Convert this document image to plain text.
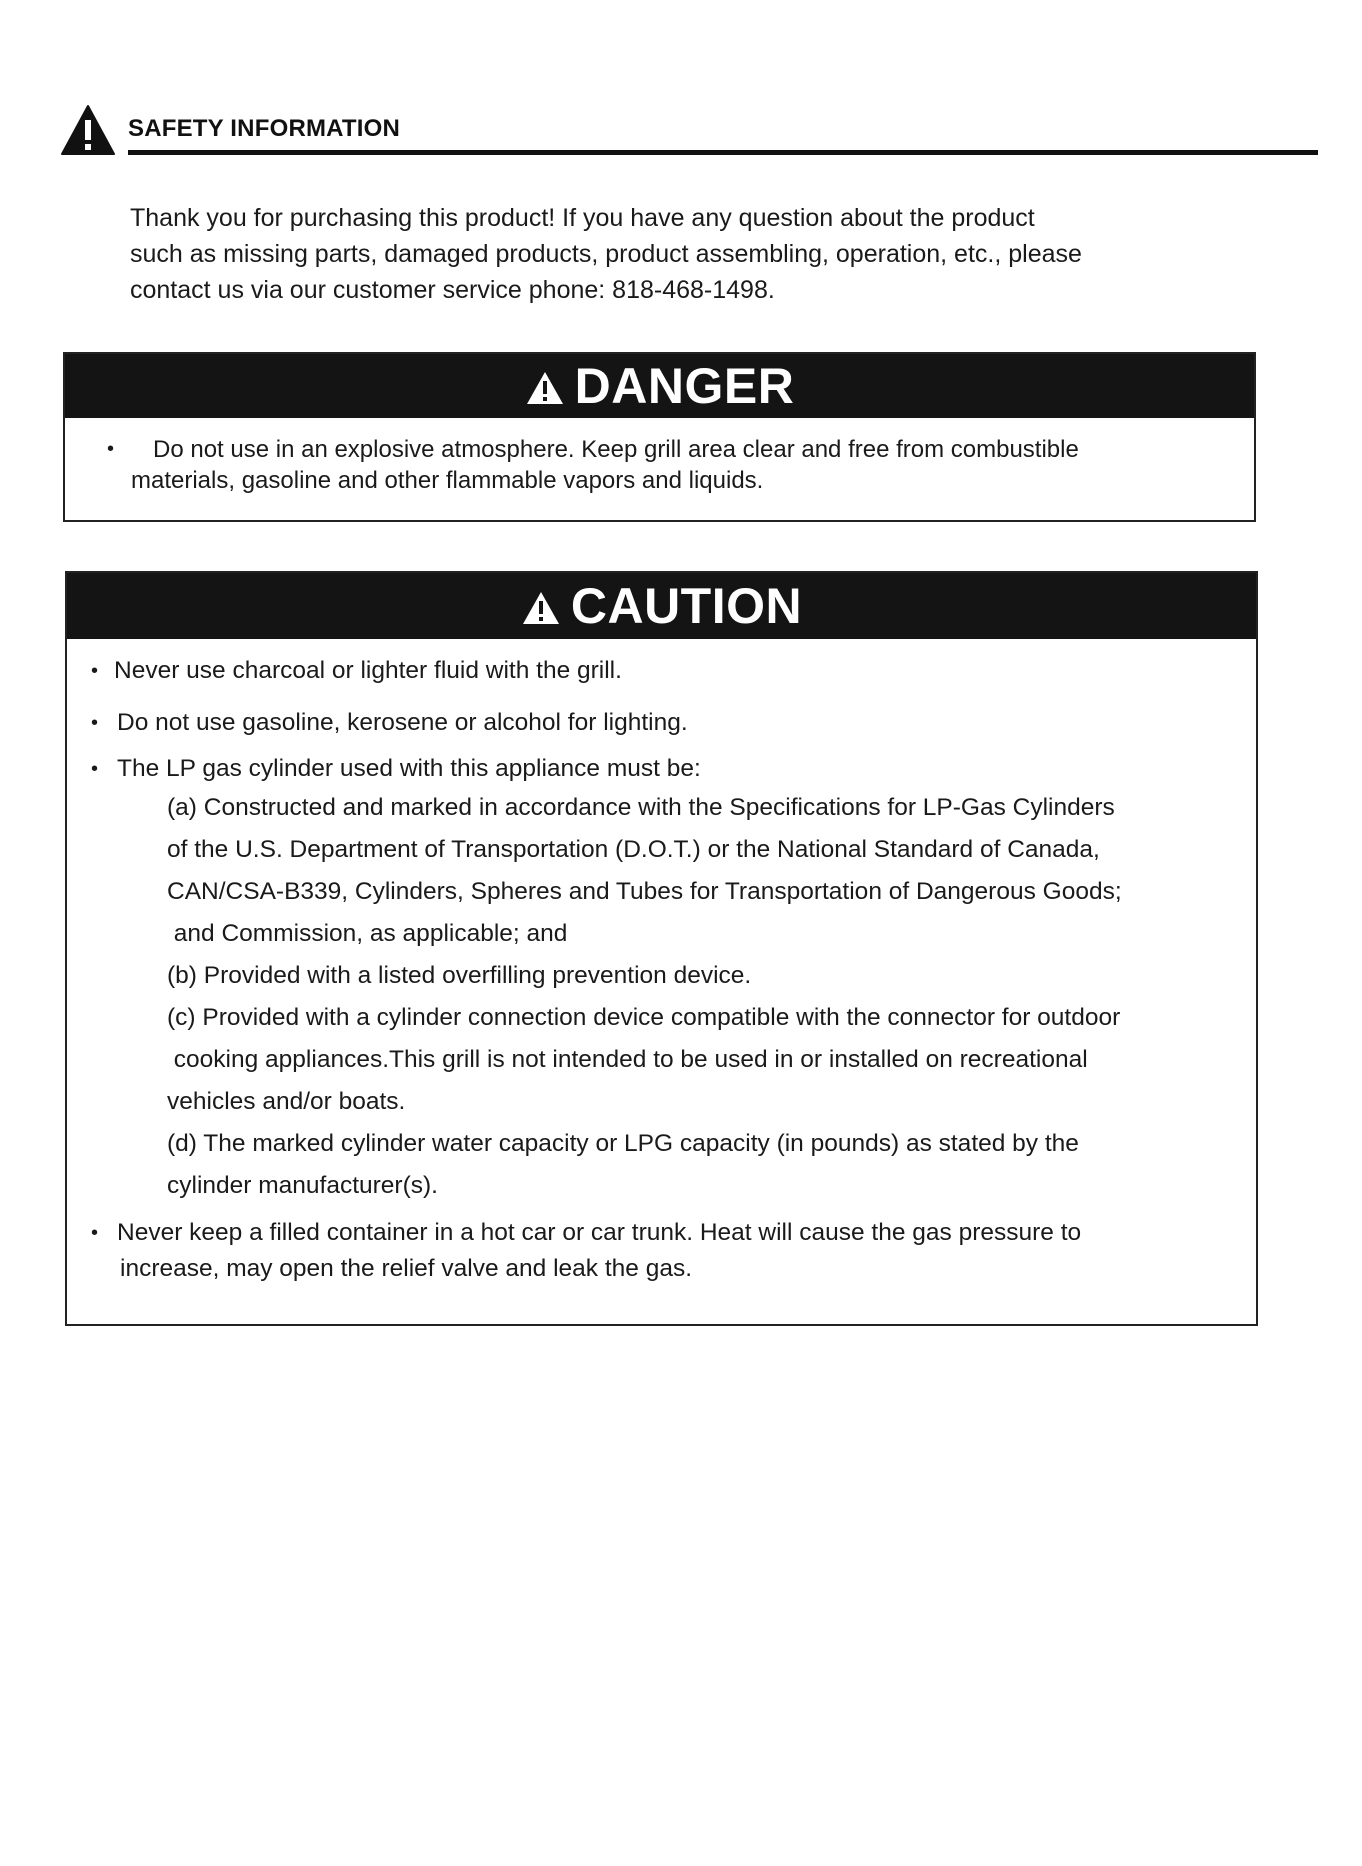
SAFETY INFORMATION

Thank you for purchasing this product! If you have any question about the product

such as missing parts, damaged products, product assembling, operation, etc., please

contact us via our customer service phone: 818-468-1498.

DANGER
• Do not use in an explosive atmosphere. Keep grill area clear and free from combustible
materials, gasoline and other flammable vapors and liquids.
CAUTION
• Never use charcoal or lighter fluid with the grill.
• Do not use gasoline, kerosene or alcohol for lighting.
• The LP gas cylinder used with this appliance must be:
(a) Constructed and marked in accordance with the Specifications for LP-Gas Cylinders
of the U.S. Department of Transportation (D.O.T.) or the National Standard of Canada,
CAN/CSA-B339, Cylinders, Spheres and Tubes for Transportation of Dangerous Goods;
and Commission, as applicable; and
(b) Provided with a listed overfilling prevention device.
(c) Provided with a cylinder connection device compatible with the connector for outdoor
cooking appliances.This grill is not intended to be used in or installed on recreational
vehicles and/or boats.
(d) The marked cylinder water capacity or LPG capacity (in pounds) as stated by the
cylinder manufacturer(s).
• Never keep a filled container in a hot car or car trunk. Heat will cause the gas pressure to
increase, may open the relief valve and leak the gas.
